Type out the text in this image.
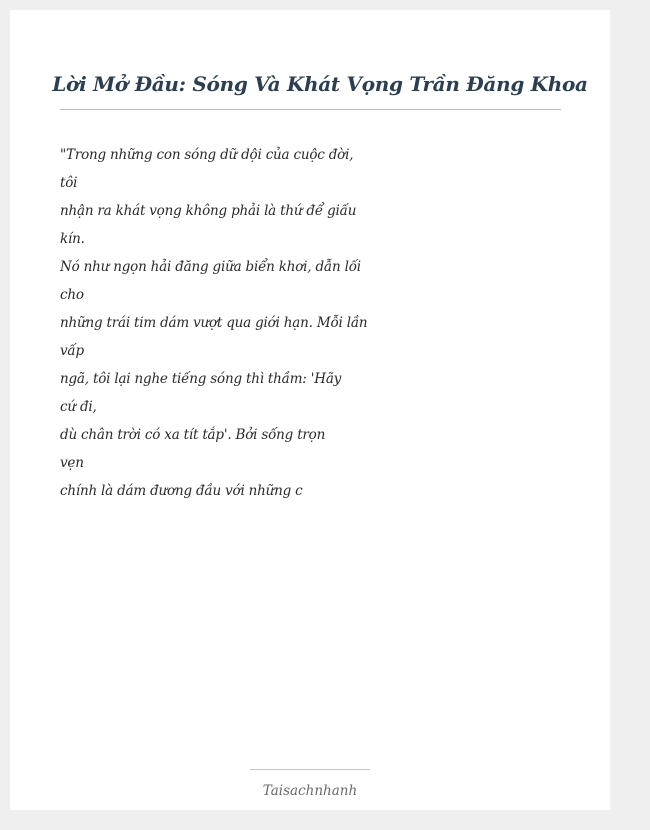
Lời Mở Đầu: Sóng Và Khát Vọng Trần Đăng Khoa
"Trong những con sóng dữ dội của cuộc đời,
tôi
nhận ra khát vọng không phải là thứ để giấu
kín.
Nó như ngọn hải đăng giữa biển khơi, dẫn lối
cho
những trái tim dám vượt qua giới hạn. Mỗi lần
vấp
ngã, tôi lại nghe tiếng sóng thì thầm: 'Hãy
cứ đi,
dù chân trời có xa tít tắp'. Bởi sống trọn
vẹn
chính là dám đương đầu với những c
Taisachnhanh
